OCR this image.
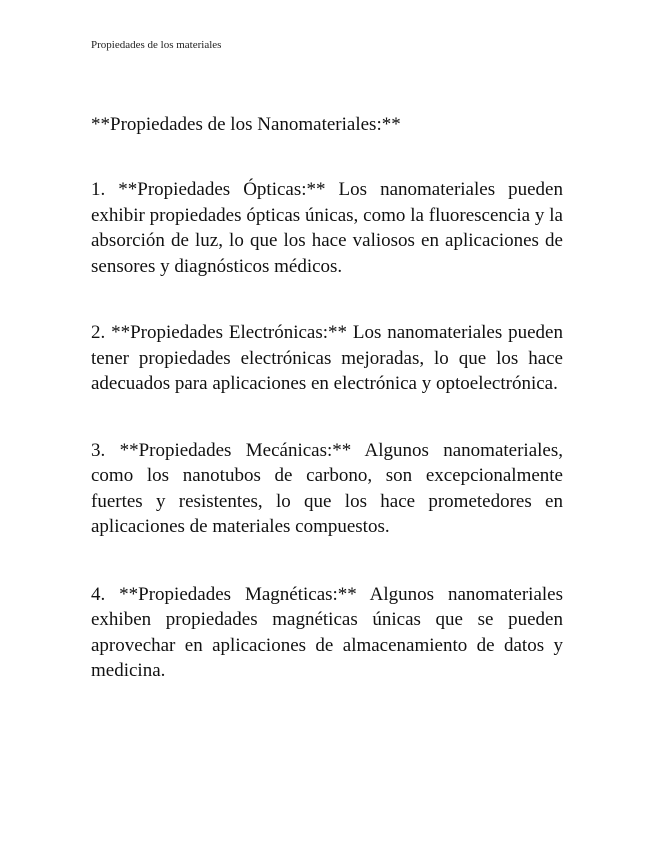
Propiedades de los materiales
**Propiedades de los Nanomateriales:**

1. **Propiedades Ópticas:** Los nanomateriales pueden exhibir propiedades ópticas únicas, como la fluorescencia y la absorción de luz, lo que los hace valiosos en aplicaciones de sensores y diagnósticos médicos.

2. **Propiedades Electrónicas:** Los nanomateriales pueden tener propiedades electrónicas mejoradas, lo que los hace adecuados para aplicaciones en electrónica y optoelectrónica.

3. **Propiedades Mecánicas:** Algunos nanomateriales, como los nanotubos de carbono, son excepcionalmente fuertes y resistentes, lo que los hace prometedores en aplicaciones de materiales compuestos.

4. **Propiedades Magnéticas:** Algunos nanomateriales exhiben propiedades magnéticas únicas que se pueden aprovechar en aplicaciones de almacenamiento de datos y medicina.
